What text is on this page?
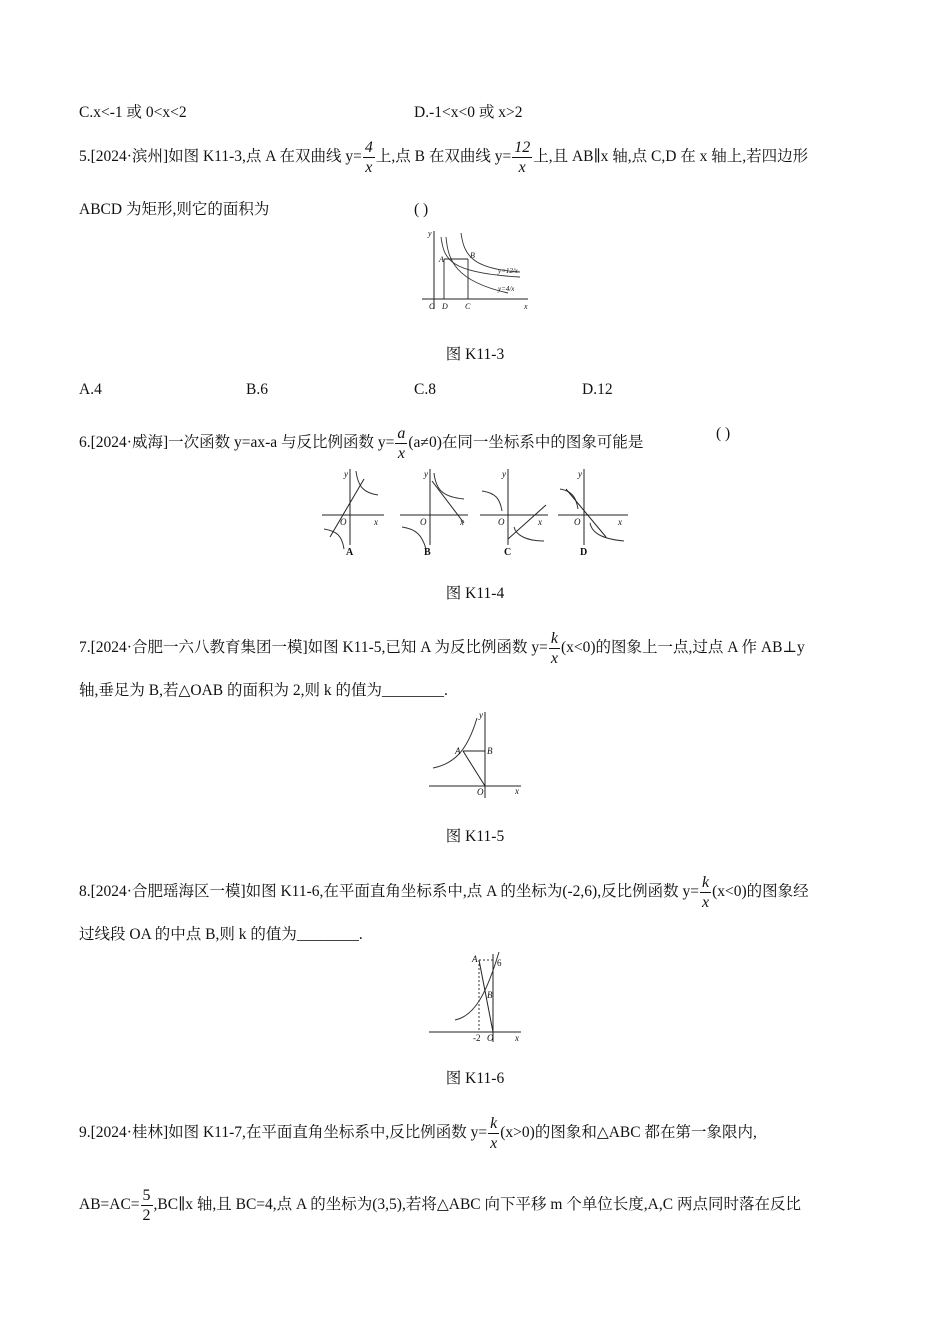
C.x<-1 或 0<x<2	D.-1<x<0 或 x>2
5.[2024·滨州]如图 K11-3,点 A 在双曲线 $y= \frac{4}{x}$ 上,点 B 在双曲线 $y= \frac{12}{x}$ 上,且 AB∥x 轴,点 C,D 在 x 轴上,若四边形
ABCD 为矩形,则它的面积为	( )
y
x
O
A	B
D C
y=12/x
y=4/x
图 K11-3
A.4	B.6	C.8	D.12
6.[2024·威海]一次函数 y=ax-a 与反比例函数 $y= \frac{a}{x} (a\ne 0)$在同一坐标系中的图象可能是
( )
y
O	x
A
y
O	x
B
y
O	x
C
y
O	x
D
图 K11-4
7.[2024·合肥一六八教育集团一模]如图 K11-5,已知 A 为反比例函数 $y= \frac{k}{x} (x<0)$的图象上一点,过点 A 作 AB⊥y
轴,垂足为 B,若△OAB 的面积为 2,则 k 的值为________.
y
x
O
A	B
图 K11-5
8.[2024·合肥瑶海区一模]如图 K11-6,在平面直角坐标系中,点 A 的坐标为(-2,6),反比例函数 $y= \frac{k}{x} (x<0)$的图象经
过线段 OA 的中点 B,则 k 的值为________.
A 6
B
-2 O x
图 K11-6
9.[2024·桂林]如图 K11-7,在平面直角坐标系中,反比例函数 $y= \frac{k}{x} (x>0)$的图象和△ABC 都在第一象限内,
$AB=AC= \frac{5}{2}$ ,BC∥x 轴,且 BC=4,点 A 的坐标为(3,5),若将△ABC 向下平移 m 个单位长度,A,C 两点同时落在反比
